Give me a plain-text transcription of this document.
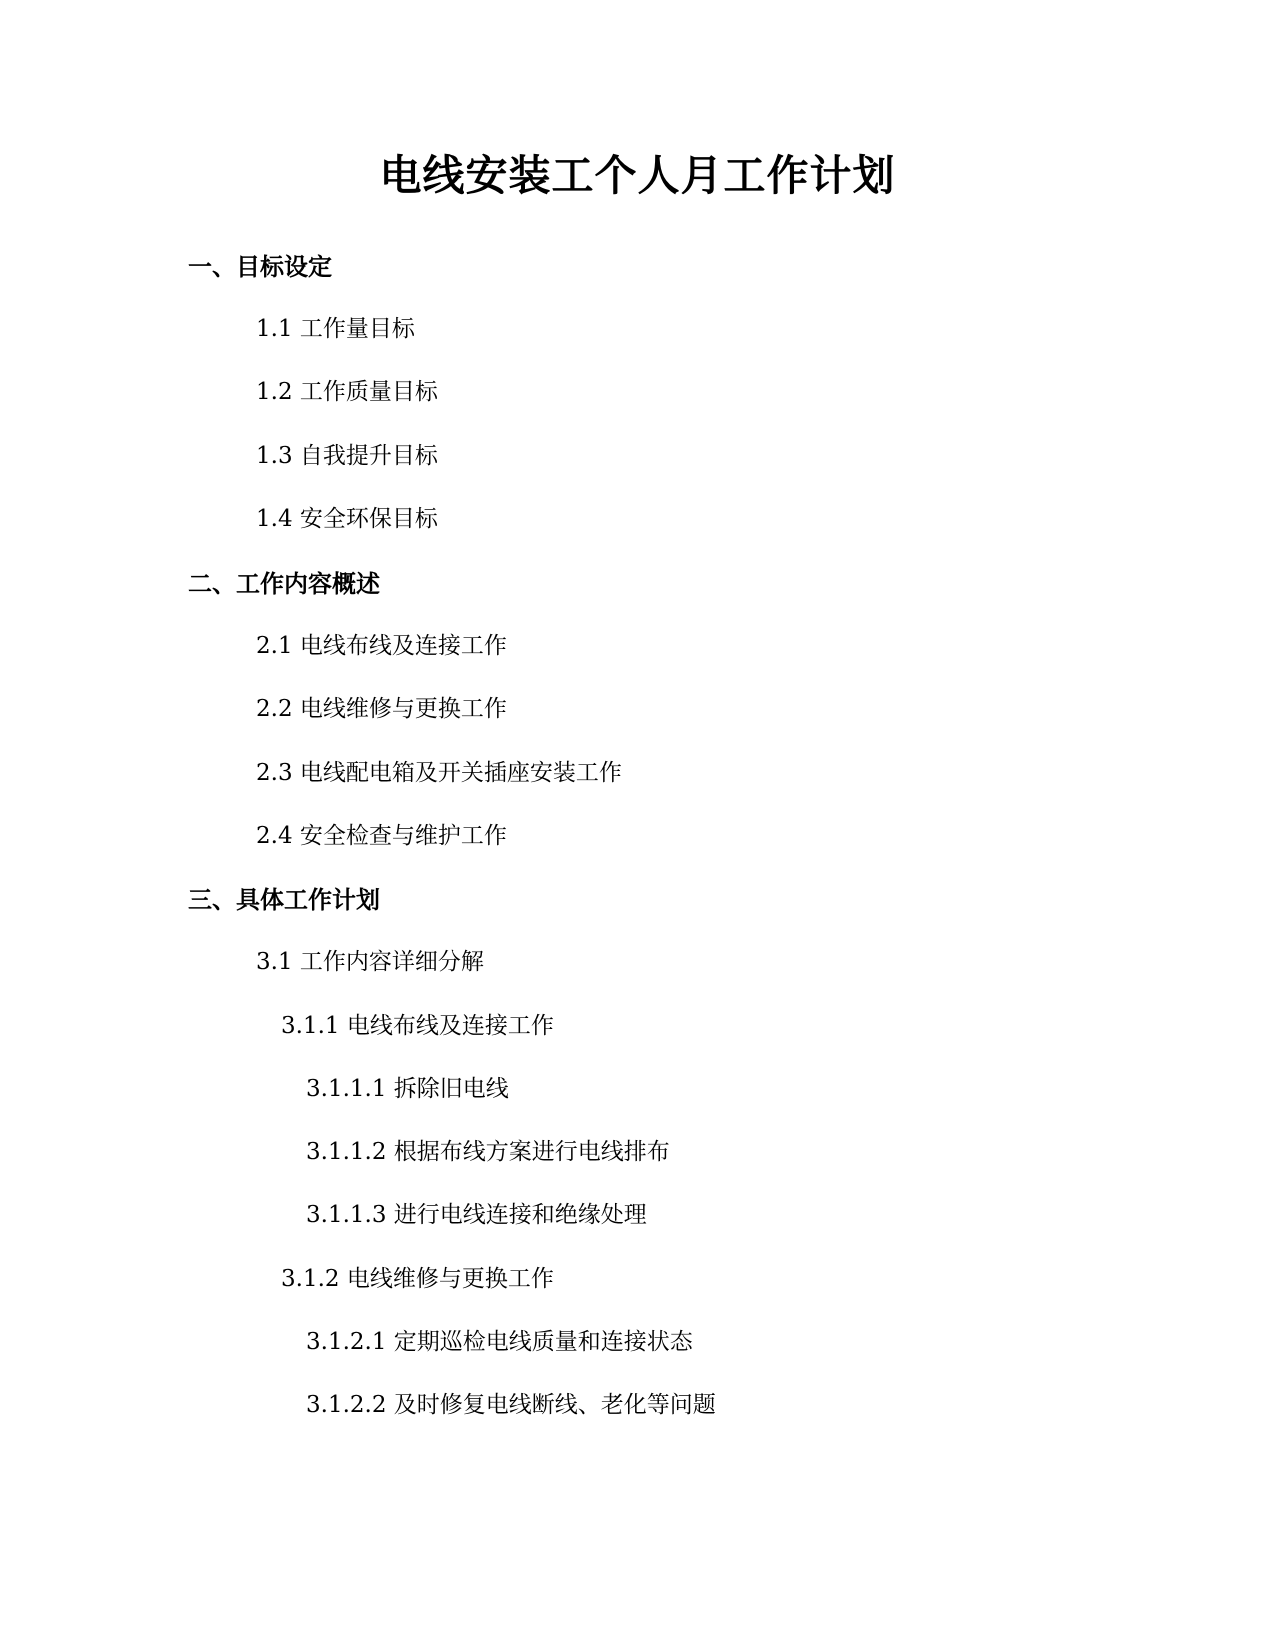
电线安装工个人月工作计划

一、目标设定

1.1 工作量目标

1.2 工作质量目标

1.3 自我提升目标

1.4 安全环保目标

二、工作内容概述

2.1 电线布线及连接工作

2.2 电线维修与更换工作

2.3 电线配电箱及开关插座安装工作

2.4 安全检查与维护工作

三、具体工作计划

3.1 工作内容详细分解

3.1.1 电线布线及连接工作

3.1.1.1 拆除旧电线

3.1.1.2 根据布线方案进行电线排布

3.1.1.3 进行电线连接和绝缘处理

3.1.2 电线维修与更换工作

3.1.2.1 定期巡检电线质量和连接状态

3.1.2.2 及时修复电线断线、老化等问题
